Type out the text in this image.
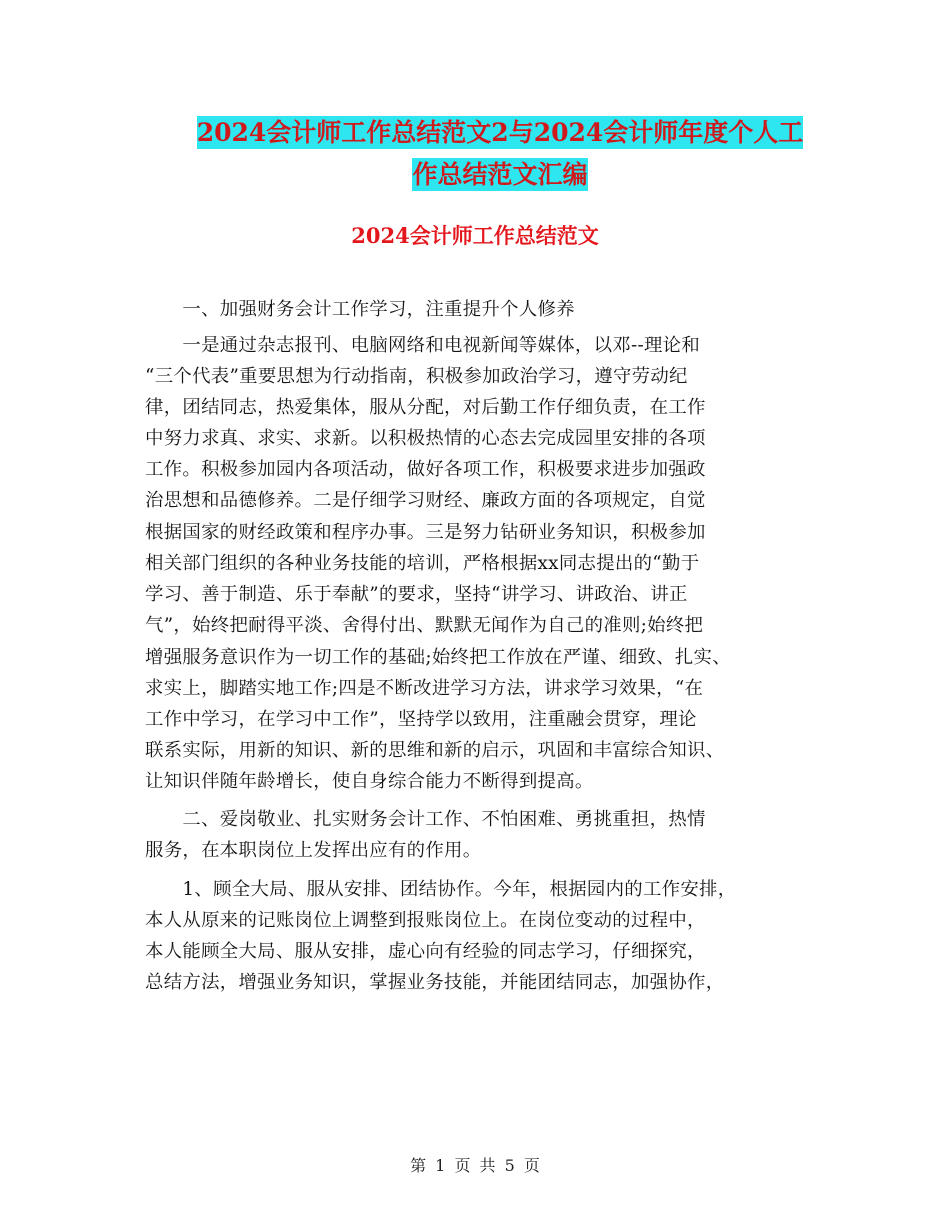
2024会计师工作总结范文2与2024会计师年度个人工
作总结范文汇编
2024会计师工作总结范文
　　一、加强财务会计工作学习，注重提升个人修养
　　一是通过杂志报刊、电脑网络和电视新闻等媒体，以邓--理论和
“三个代表”重要思想为行动指南，积极参加政治学习，遵守劳动纪
律，团结同志，热爱集体，服从分配，对后勤工作仔细负责，在工作
中努力求真、求实、求新。以积极热情的心态去完成园里安排的各项
工作。积极参加园内各项活动，做好各项工作，积极要求进步加强政
治思想和品德修养。二是仔细学习财经、廉政方面的各项规定，自觉
根据国家的财经政策和程序办事。三是努力钻研业务知识，积极参加
相关部门组织的各种业务技能的培训，严格根据xx同志提出的“勤于
学习、善于制造、乐于奉献”的要求，坚持“讲学习、讲政治、讲正
气”，始终把耐得平淡、舍得付出、默默无闻作为自己的准则;始终把
增强服务意识作为一切工作的基础;始终把工作放在严谨、细致、扎实、
求实上，脚踏实地工作;四是不断改进学习方法，讲求学习效果，“在
工作中学习，在学习中工作”，坚持学以致用，注重融会贯穿，理论
联系实际，用新的知识、新的思维和新的启示，巩固和丰富综合知识、
让知识伴随年龄增长，使自身综合能力不断得到提高。
　　二、爱岗敬业、扎实财务会计工作、不怕困难、勇挑重担，热情
服务，在本职岗位上发挥出应有的作用。
　　1、顾全大局、服从安排、团结协作。今年，根据园内的工作安排，
本人从原来的记账岗位上调整到报账岗位上。在岗位变动的过程中，
本人能顾全大局、服从安排，虚心向有经验的同志学习，仔细探究，
总结方法，增强业务知识，掌握业务技能，并能团结同志，加强协作，
第 1 页 共 5 页
